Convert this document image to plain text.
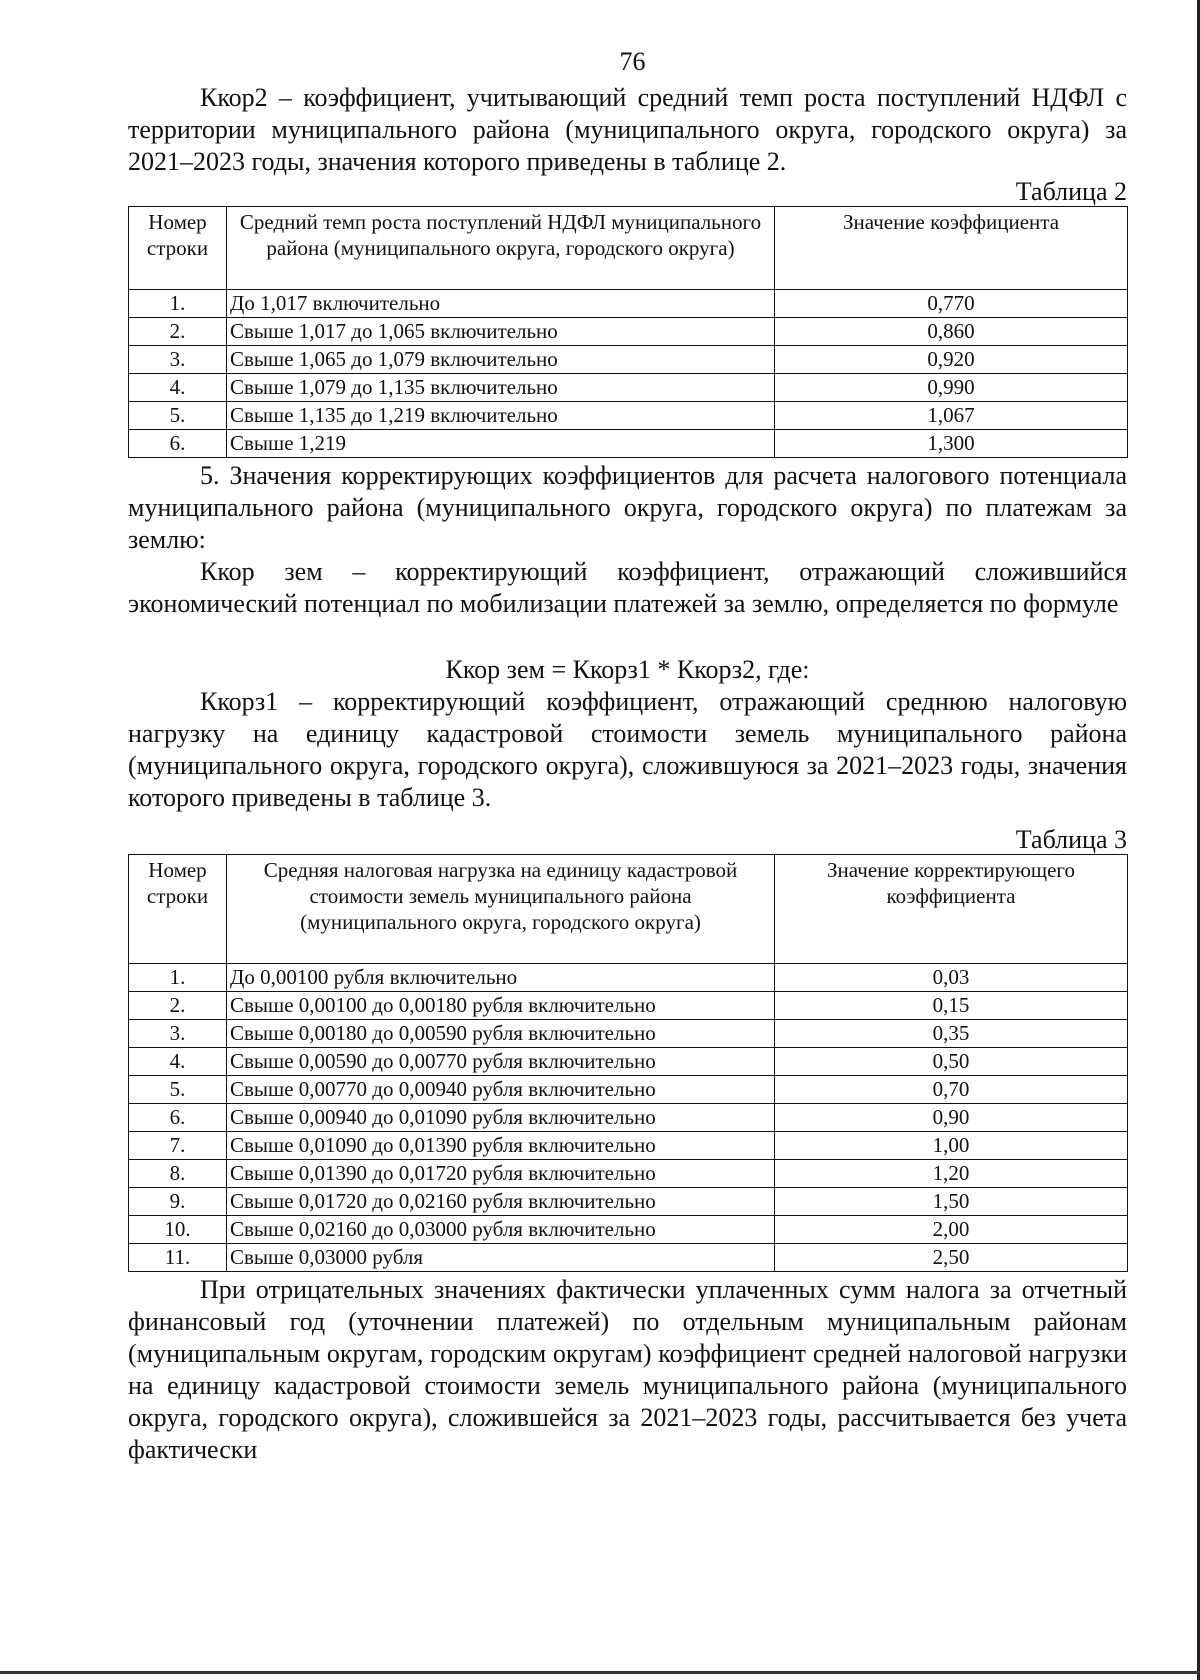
76

Ккор2 – коэффициент, учитывающий средний темп роста поступлений НДФЛ с территории муниципального района (муниципального округа, городского округа) за 2021–2023 годы, значения которого приведены в таблице 2.

Таблица 2

Номер строки	Средний темп роста поступлений НДФЛ муниципального района (муниципального округа, городского округа)	Значение коэффициента
1.	До 1,017 включительно	0,770
2.	Свыше 1,017 до 1,065 включительно	0,860
3.	Свыше 1,065 до 1,079 включительно	0,920
4.	Свыше 1,079 до 1,135 включительно	0,990
5.	Свыше 1,135 до 1,219 включительно	1,067
6.	Свыше 1,219	1,300

5. Значения корректирующих коэффициентов для расчета налогового потенциала муниципального района (муниципального округа, городского округа) по платежам за землю:

Ккор зем – корректирующий коэффициент, отражающий сложившийся экономический потенциал по мобилизации платежей за землю, определяется по формуле

Ккор зем = Ккорз1 * Ккорз2, где:

Ккорз1 – корректирующий коэффициент, отражающий среднюю налоговую нагрузку на единицу кадастровой стоимости земель муниципального района (муниципального округа, городского округа), сложившуюся за 2021–2023 годы, значения которого приведены в таблице 3.

Таблица 3

Номер строки	Средняя налоговая нагрузка на единицу кадастровой стоимости земель муниципального района (муниципального округа, городского округа)	Значение корректирующего коэффициента
1.	До 0,00100 рубля включительно	0,03
2.	Свыше 0,00100 до 0,00180 рубля включительно	0,15
3.	Свыше 0,00180 до 0,00590 рубля включительно	0,35
4.	Свыше 0,00590 до 0,00770 рубля включительно	0,50
5.	Свыше 0,00770 до 0,00940 рубля включительно	0,70
6.	Свыше 0,00940 до 0,01090 рубля включительно	0,90
7.	Свыше 0,01090 до 0,01390 рубля включительно	1,00
8.	Свыше 0,01390 до 0,01720 рубля включительно	1,20
9.	Свыше 0,01720 до 0,02160 рубля включительно	1,50
10.	Свыше 0,02160 до 0,03000 рубля включительно	2,00
11.	Свыше 0,03000 рубля	2,50

При отрицательных значениях фактически уплаченных сумм налога за отчетный финансовый год (уточнении платежей) по отдельным муниципальным районам (муниципальным округам, городским округам) коэффициент средней налоговой нагрузки на единицу кадастровой стоимости земель муниципального района (муниципального округа, городского округа), сложившейся за 2021–2023 годы, рассчитывается без учета фактически
